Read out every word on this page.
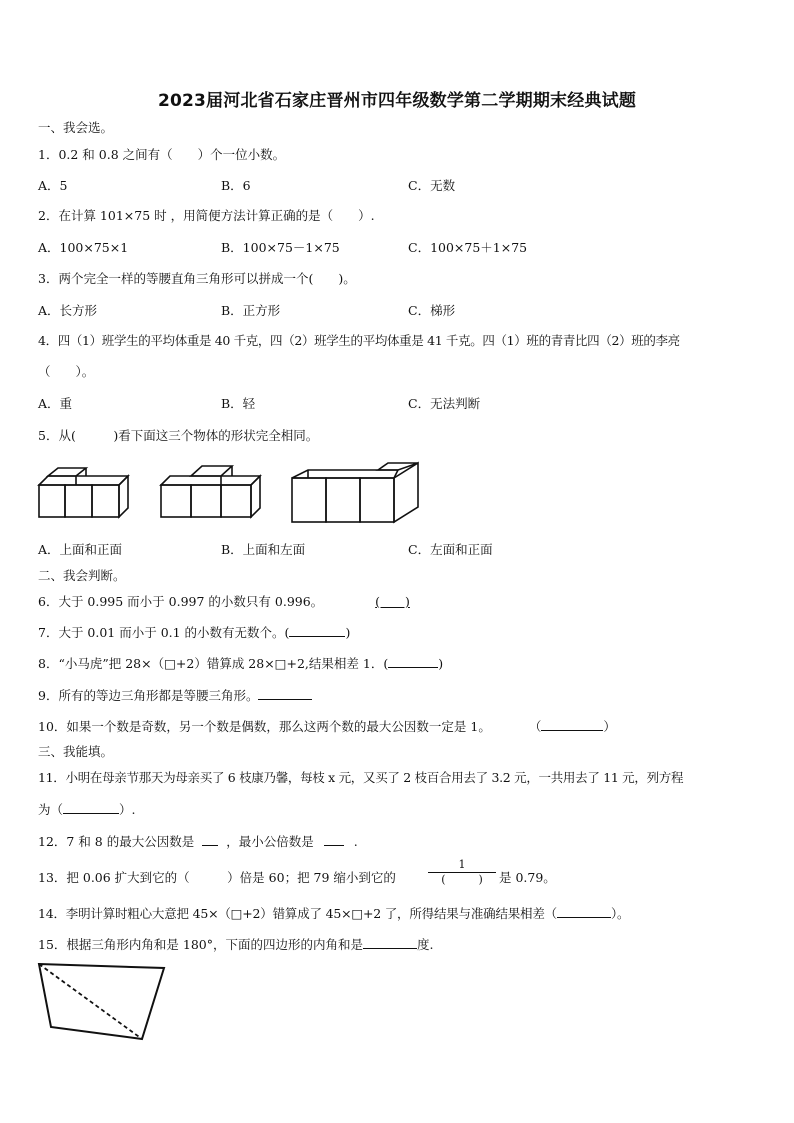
2023届河北省石家庄晋州市四年级数学第二学期期末经典试题
一、我会选。
1．0.2 和 0.8 之间有（　　）个一位小数。
A．5	B．6	C．无数
2．在计算 101×75 时 ，用简便方法计算正确的是（　　）.
A．100×75×1	B．100×75－1×75	C．100×75＋1×75
3．两个完全一样的等腰直角三角形可以拼成一个(　　)。
A．长方形	B．正方形	C．梯形
4．四（1）班学生的平均体重是 40 千克，四（2）班学生的平均体重是 41 千克。四（1）班的青青比四（2）班的李亮
（　　）。
A．重	B．轻	C．无法判断
5．从(　　　)看下面这三个物体的形状完全相同。
A．上面和正面	B．上面和左面	C．左面和正面
二、我会判断。
6．大于 0.995 而小于 0.997 的小数只有 0.996。	(　　)
7．大于 0.01 而小于 0.1 的小数有无数个。(	)
8．“小马虎”把 28×（□+2）错算成 28×□+2,结果相差 1．(	)
9．所有的等边三角形都是等腰三角形。
10．如果一个数是奇数，另一个数是偶数，那么这两个数的最大公因数一定是 1。	（	）
三、我能填。
11．小明在母亲节那天为母亲买了 6 枝康乃馨，每枝 x 元，又买了 2 枝百合用去了 3.2 元，一共用去了 11 元，列方程
为（	）.
12．7 和 8 的最大公因数是	，最小公倍数是	.
13．把 0.06 扩大到它的（　　　）倍是 60；把 79 缩小到它的
1
(　　　)	是 0.79。
14．李明计算时粗心大意把 45×（□+2）错算成了 45×□+2 了，所得结果与准确结果相差（	）。
15．根据三角形内角和是 180°，下面的四边形的内角和是	度.
